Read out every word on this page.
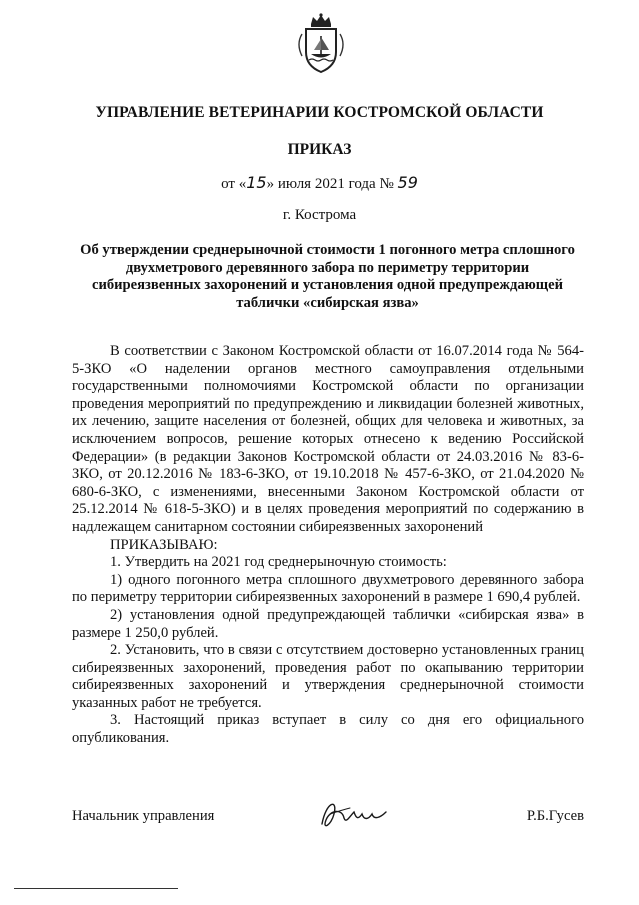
УПРАВЛЕНИЕ ВЕТЕРИНАРИИ КОСТРОМСКОЙ ОБЛАСТИ
ПРИКАЗ
от «15» июля 2021 года № 59
г. Кострома
Об утверждении среднерыночной стоимости 1 погонного метра сплошного двухметрового деревянного забора по периметру территории сибиреязвенных захоронений и установления одной предупреждающей таблички «сибирская язва»

В соответствии с Законом Костромской области от 16.07.2014 года № 564-5-ЗКО «О наделении органов местного самоуправления отдельными государственными полномочиями Костромской области по организации проведения мероприятий по предупреждению и ликвидации болезней животных, их лечению, защите населения от болезней, общих для человека и животных, за исключением вопросов, решение которых отнесено к ведению Российской Федерации» (в редакции Законов Костромской области от 24.03.2016 № 83-6-ЗКО, от 20.12.2016 № 183-6-ЗКО, от 19.10.2018 № 457-6-ЗКО, от 21.04.2020 № 680-6-ЗКО, с изменениями, внесенными Законом Костромской области от 25.12.2014 № 618-5-ЗКО) и в целях проведения мероприятий по содержанию в надлежащем санитарном состоянии сибиреязвенных захоронений

ПРИКАЗЫВАЮ:

1. Утвердить на 2021 год среднерыночную стоимость:

1) одного погонного метра сплошного двухметрового деревянного забора по периметру территории сибиреязвенных захоронений в размере 1 690,4 рублей.

2) установления одной предупреждающей таблички «сибирская язва» в размере 1 250,0 рублей.

2. Установить, что в связи с отсутствием достоверно установленных границ сибиреязвенных захоронений, проведения работ по окапыванию территории сибиреязвенных захоронений и утверждения среднерыночной стоимости указанных работ не требуется.

3. Настоящий приказ вступает в силу со дня его официального опубликования.

Начальник управления	Р.Б.Гусев
